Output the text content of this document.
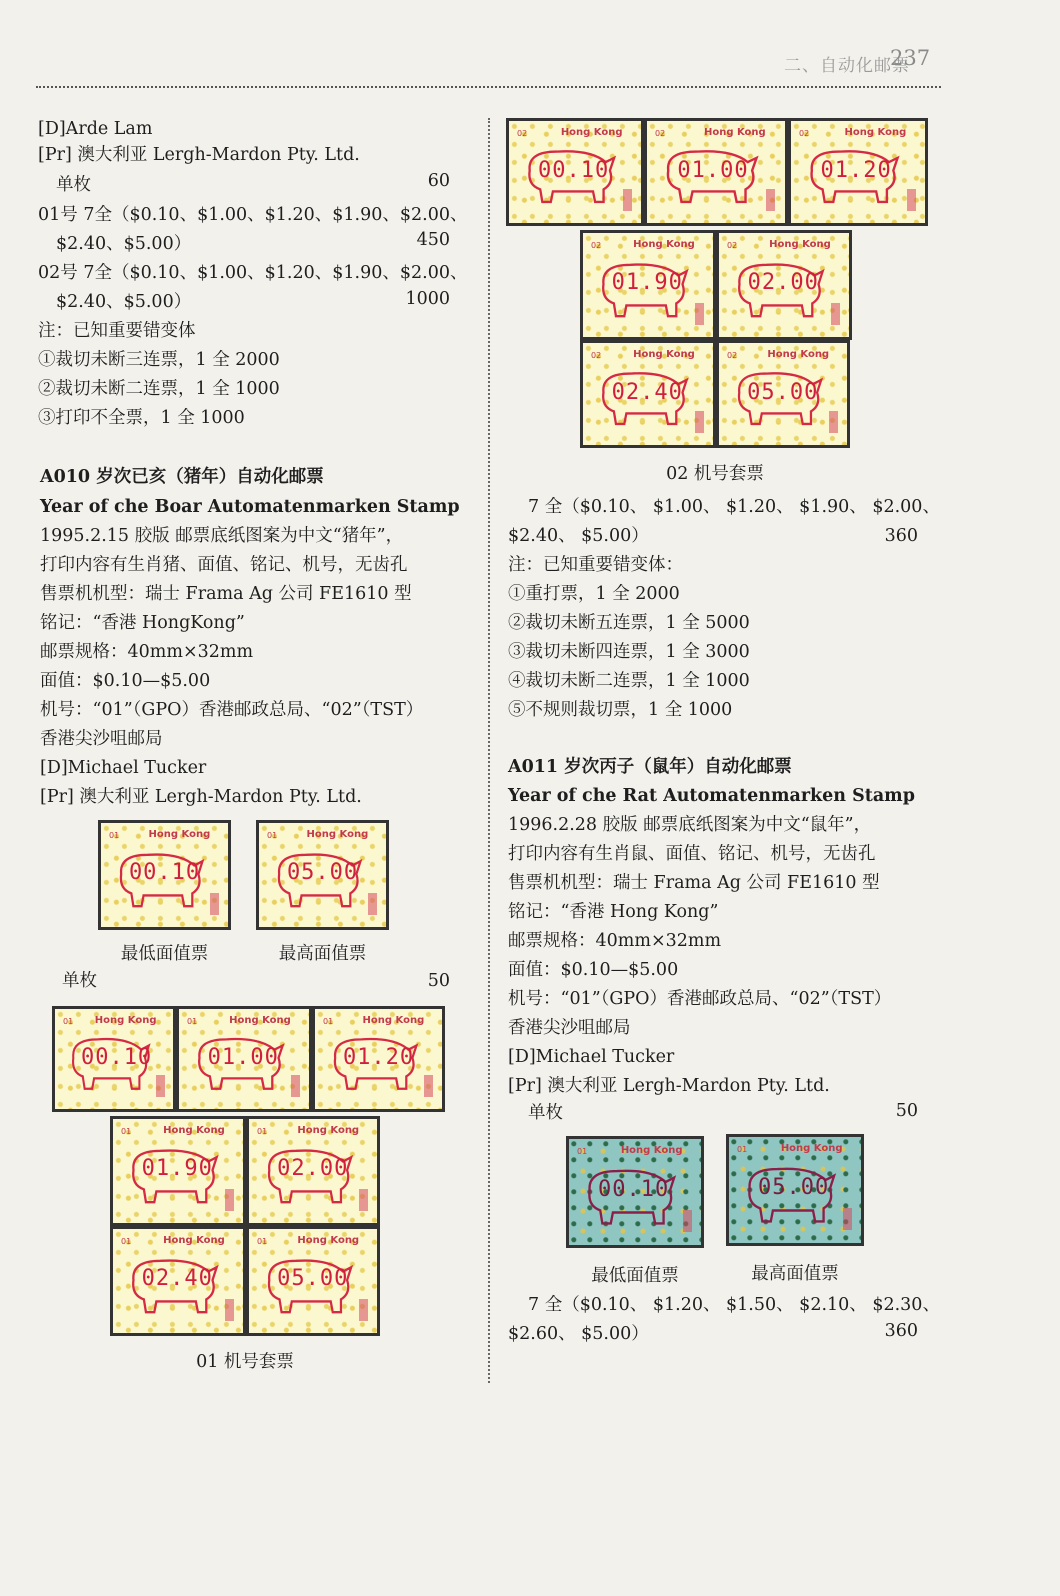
二、自动化邮票
237
[D]Arde Lam
[Pr] 澳大利亚 Lergh-Mardon Pty. Ltd.
单枚	60
01号 7全（$0.10、$1.00、$1.20、$1.90、$2.00、
$2.40、$5.00）	450
02号 7全（$0.10、$1.00、$1.20、$1.90、$2.00、
$2.40、$5.00）	1000
注：已知重要错变体
①裁切未断三连票，1 全 2000
②裁切未断二连票，1 全 1000
③打印不全票，1 全 1000
A010 岁次已亥（猪年）自动化邮票
Year of che Boar Automatenmarken Stamp
1995.2.15 胶版 邮票底纸图案为中文“猪年”，
打印内容有生肖猪、面值、铭记、机号，无齿孔
售票机机型：瑞士 Frama Ag 公司 FE1610 型
铭记：“香港 HongKong”
邮票规格：40mm×32mm
面值：$0.10—$5.00
机号：“01”（GPO）香港邮政总局、“02”（TST）
香港尖沙咀邮局
[D]Michael Tucker
[Pr] 澳大利亚 Lergh-Mardon Pty. Ltd.
01	Hong Kong
00.10
01	Hong Kong
05.00
最低面值票	最高面值票
单枚	50
01 Hong Kong
00.10
01	Hong Kong
01.00
01	Hong Kong
01.20
01	Hong Kong
01.90
01	Hong Kong
02.00
01	Hong Kong
02.40
01	Hong Kong
05.00
01 机号套票
02	Hong Kong
00.10
02	Hong Kong
01.00
02	Hong Kong
01.20
02	Hong Kong
01.90
02	Hong Kong
02.00
02	Hong Kong
02.40
02	Hong Kong
05.00
02 机号套票
7 全（$0.10、 $1.00、 $1.20、 $1.90、 $2.00、
$2.40、 $5.00）	360
注：已知重要错变体：
①重打票，1 全 2000
②裁切未断五连票，1 全 5000
③裁切未断四连票，1 全 3000
④裁切未断二连票，1 全 1000
⑤不规则裁切票，1 全 1000
A011 岁次丙子（鼠年）自动化邮票
Year of che Rat Automatenmarken Stamp
1996.2.28 胶版 邮票底纸图案为中文“鼠年”，
打印内容有生肖鼠、面值、铭记、机号，无齿孔
售票机机型：瑞士 Frama Ag 公司 FE1610 型
铭记：“香港 Hong Kong”
邮票规格：40mm×32mm
面值：$0.10—$5.00
机号：“01”（GPO）香港邮政总局、“02”（TST）
香港尖沙咀邮局
[D]Michael Tucker
[Pr] 澳大利亚 Lergh-Mardon Pty. Ltd.
单枚	50
01	Hong Kong
00.10
01	Hong Kong
05.00
最低面值票	最高面值票
7 全（$0.10、 $1.20、 $1.50、 $2.10、 $2.30、
$2.60、 $5.00）	360
